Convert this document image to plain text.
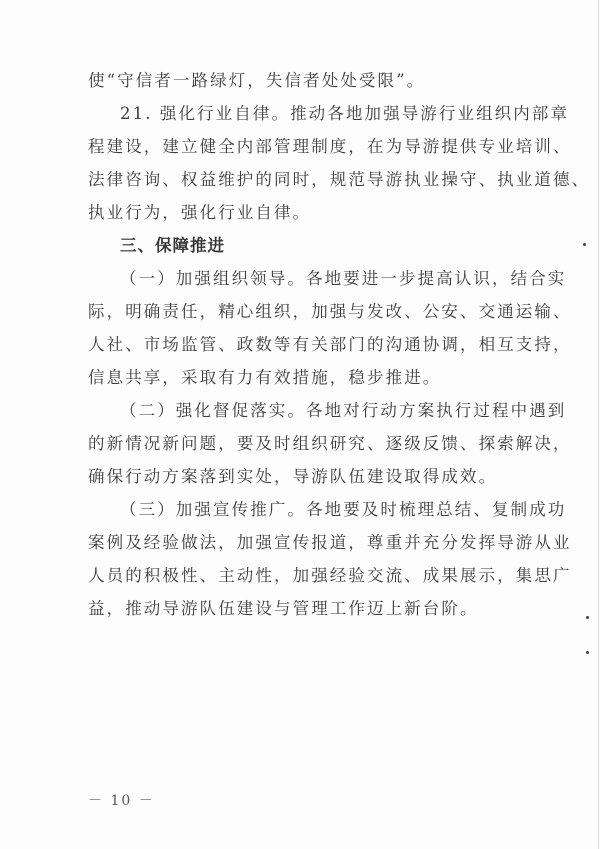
使“守信者一路绿灯，失信者处处受限”。
21. 强化行业自律。推动各地加强导游行业组织内部章
程建设，建立健全内部管理制度，在为导游提供专业培训、
法律咨询、权益维护的同时，规范导游执业操守、执业道德、
执业行为，强化行业自律。
三、保障推进
（一）加强组织领导。各地要进一步提高认识，结合实
际，明确责任，精心组织，加强与发改、公安、交通运输、
人社、市场监管、政数等有关部门的沟通协调，相互支持，
信息共享，采取有力有效措施，稳步推进。
（二）强化督促落实。各地对行动方案执行过程中遇到
的新情况新问题，要及时组织研究、逐级反馈、探索解决，
确保行动方案落到实处，导游队伍建设取得成效。
（三）加强宣传推广。各地要及时梳理总结、复制成功
案例及经验做法，加强宣传报道，尊重并充分发挥导游从业
人员的积极性、主动性，加强经验交流、成果展示，集思广
益，推动导游队伍建设与管理工作迈上新台阶。
－ 10 －
